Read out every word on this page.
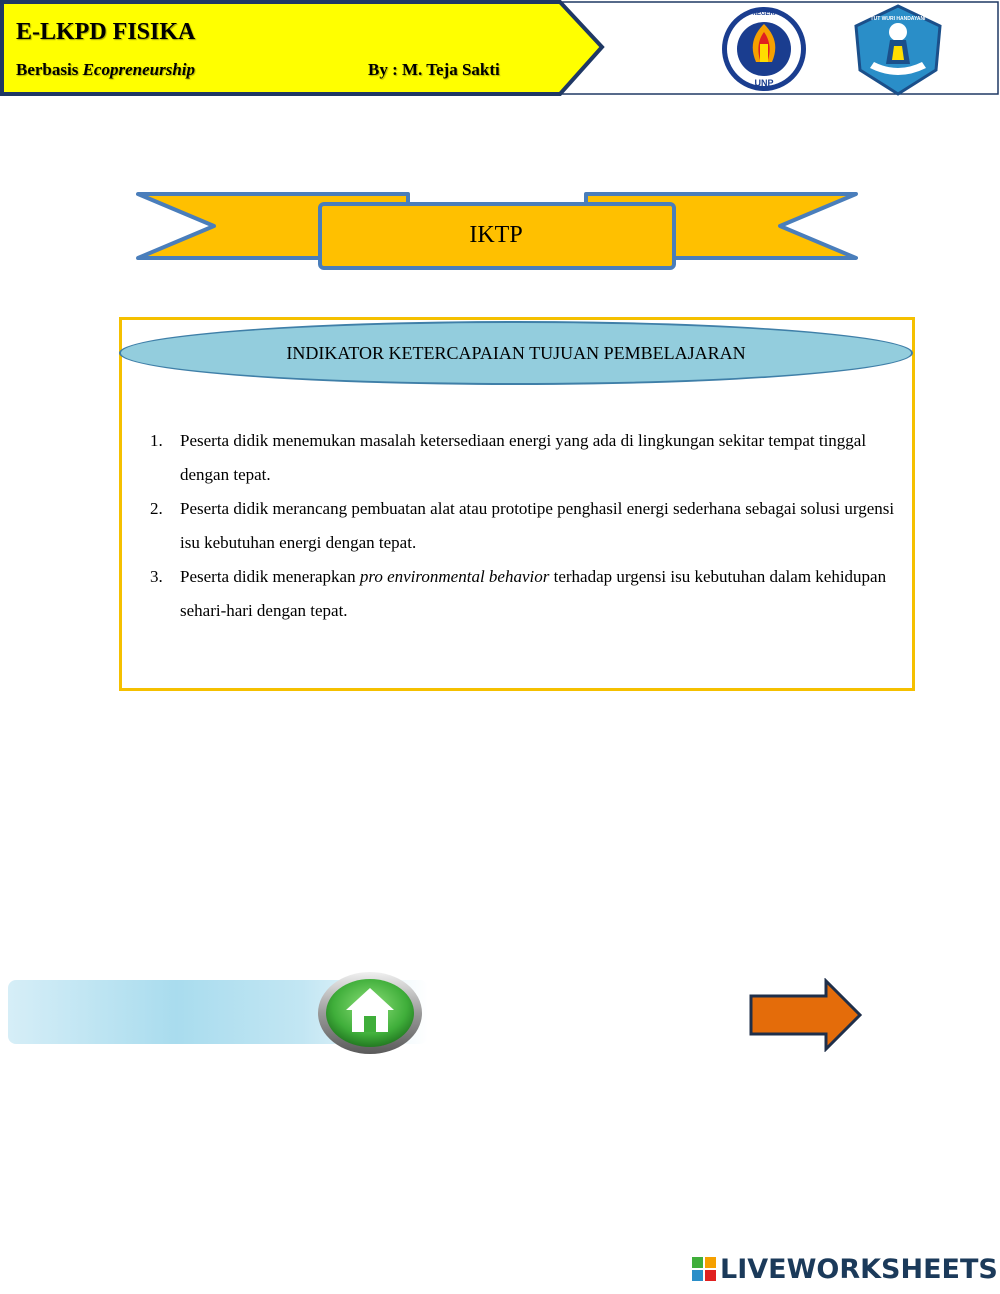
E-LKPD FISIKA
Berbasis Ecopreneurship	By : M. Teja Sakti
UNP
NEGERI
TUT WURI HANDAYANI
IKTP
INDIKATOR KETERCAPAIAN TUJUAN PEMBELAJARAN
1. Peserta didik menemukan masalah ketersediaan energi yang ada di lingkungan sekitar tempat tinggal dengan tepat.
2. Peserta didik merancang pembuatan alat atau prototipe penghasil energi sederhana sebagai solusi urgensi isu kebutuhan energi dengan tepat.
3. Peserta didik menerapkan pro environmental behavior terhadap urgensi isu kebutuhan dalam kehidupan sehari-hari dengan tepat.
LIVEWORKSHEETS
